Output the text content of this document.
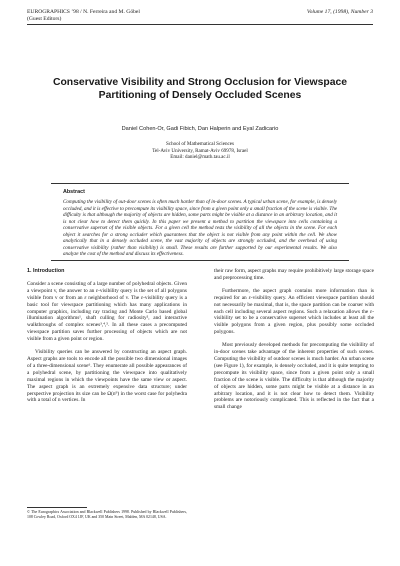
EUROGRAPHICS ’98 / N. Ferreira and M. Göbel
(Guest Editors)
Volume 17, (1998), Number 3
Conservative Visibility and Strong Occlusion for Viewspace
Partitioning of Densely Occluded Scenes
Daniel Cohen-Or, Gadi Fibich, Dan Halperin and Eyal Zadicario
School of Mathematical Sciences
Tel-Aviv University, Ramat-Aviv 69978, Israel
Email: daniel@math.tau.ac.il
Abstract
Computing the visibility of out-door scenes is often much harder than of in-door scenes. A typical urban scene, for example, is densely occluded, and it is effective to precompute its visibility space, since from a given point only a small fraction of the scene is visible. The difficulty is that although the majority of objects are hidden, some parts might be visible at a distance in an arbitrary location, and it is not clear how to detect them quickly. In this paper we present a method to partition the viewspace into cells containing a conservative superset of the visible objects. For a given cell the method tests the visibility of all the objects in the scene. For each object it searches for a strong occluder which guarantees that the object is not visible from any point within the cell. We show analytically that in a densely occluded scene, the vast majority of objects are strongly occluded, and the overhead of using conservative visibility (rather than visibility) is small. These results are further supported by our experimental results. We also analyze the cost of the method and discuss its effectiveness.
1. Introduction

Consider a scene consisting of a large number of polyhedral objects. Given a viewpoint v, the answer to an ε-visibility query is the set of all polygons visible from v or from an ε neighborhood of v. The ε-visibility query is a basic tool for viewspace partitioning which has many applications in computer graphics, including ray tracing and Monte Carlo based global illumination algorithms¹, shaft culling for radiosity², and interactive walkthroughs of complex scenes³,⁴,⁵. In all these cases a precomputed viewspace partition saves further processing of objects which are not visible from a given point or region.

Visibility queries can be answered by constructing an aspect graph. Aspect graphs are tools to encode all the possible two dimensional images of a three-dimensional scene⁶. They enumerate all possible appearances of a polyhedral scene, by partitioning the viewspace into qualitatively maximal regions in which the viewpoints have the same view or aspect. The aspect graph is an extremely expensive data structure; under perspective projection its size can be Ω(n⁹) in the worst case for polyhedra with a total of n vertices. In

their raw form, aspect graphs may require prohibitively large storage space and preprocessing time.

Furthermore, the aspect graph contains more information than is required for an ε-visibility query. An efficient viewspace partition should not necessarily be maximal, that is, the space partition can be coarser with each cell including several aspect regions. Such a relaxation allows the ε-visibility set to be a conservative superset which includes at least all the visible polygons from a given region, plus possibly some occluded polygons.

Most previously developed methods for precomputing the visibility of in-door scenes take advantage of the inherent properties of such scenes. Computing the visibility of outdoor scenes is much harder. An urban scene (see Figure 1), for example, is densely occluded, and it is quite tempting to precompute its visibility space, since from a given point only a small fraction of the scene is visible. The difficulty is that although the majority of objects are hidden, some parts might be visible at a distance in an arbitrary location, and it is not clear how to detect them. Visibility problems are notoriously complicated. This is reflected in the fact that a small change

© The Eurographics Association and Blackwell Publishers 1998. Published by Blackwell Publishers, 108 Cowley Road, Oxford OX4 1JF, UK and 350 Main Street, Malden, MA 02148, USA.
